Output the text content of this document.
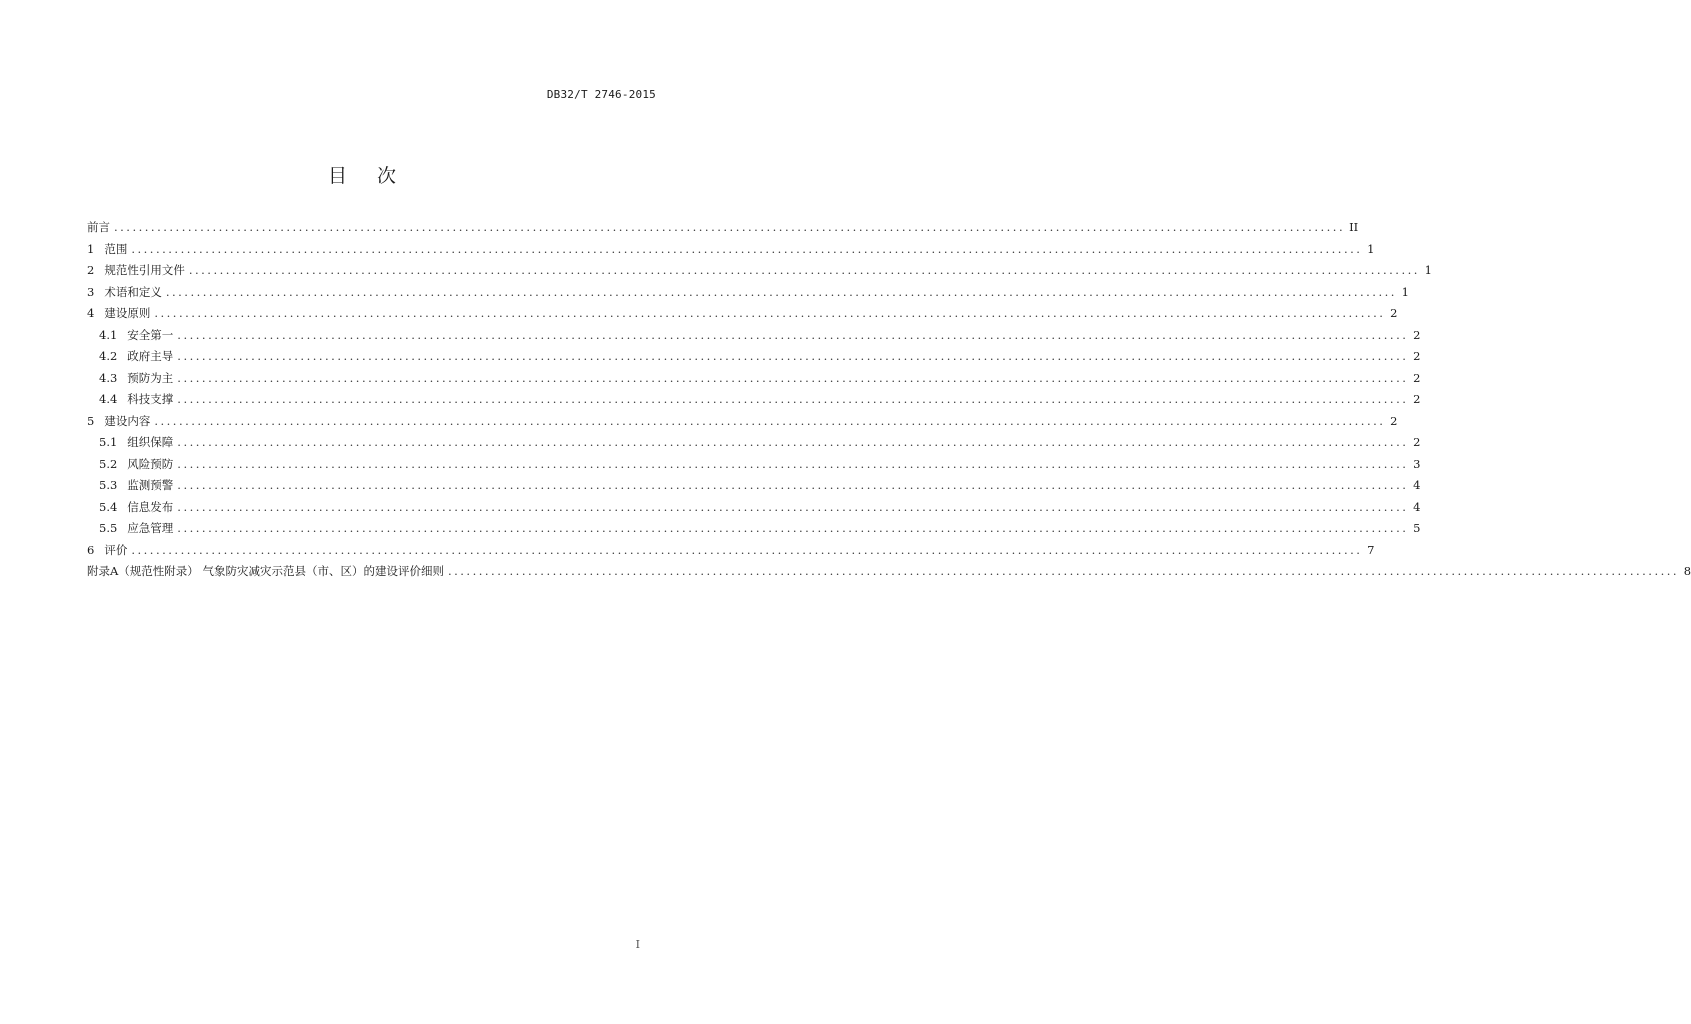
DB32/T 2746-2015
目 次
前言 ........................................................................................................................................................................................................ II
1 范围 ........................................................................................................................................................................................................ 1
2 规范性引用文件 ........................................................................................................................................................................................................ 1
3 术语和定义 ........................................................................................................................................................................................................ 1
4 建设原则 ........................................................................................................................................................................................................ 2
4.1 安全第一 ........................................................................................................................................................................................................ 2
4.2 政府主导 ........................................................................................................................................................................................................ 2
4.3 预防为主 ........................................................................................................................................................................................................ 2
4.4 科技支撑 ........................................................................................................................................................................................................ 2
5 建设内容 ........................................................................................................................................................................................................ 2
5.1 组织保障 ........................................................................................................................................................................................................ 2
5.2 风险预防 ........................................................................................................................................................................................................ 3
5.3 监测预警 ........................................................................................................................................................................................................ 4
5.4 信息发布 ........................................................................................................................................................................................................ 4
5.5 应急管理 ........................................................................................................................................................................................................ 5
6 评价 ........................................................................................................................................................................................................ 7
附录A（规范性附录） 气象防灾减灾示范县（市、区）的建设评价细则 ........................................................................................................................................................................................................ 8
I
